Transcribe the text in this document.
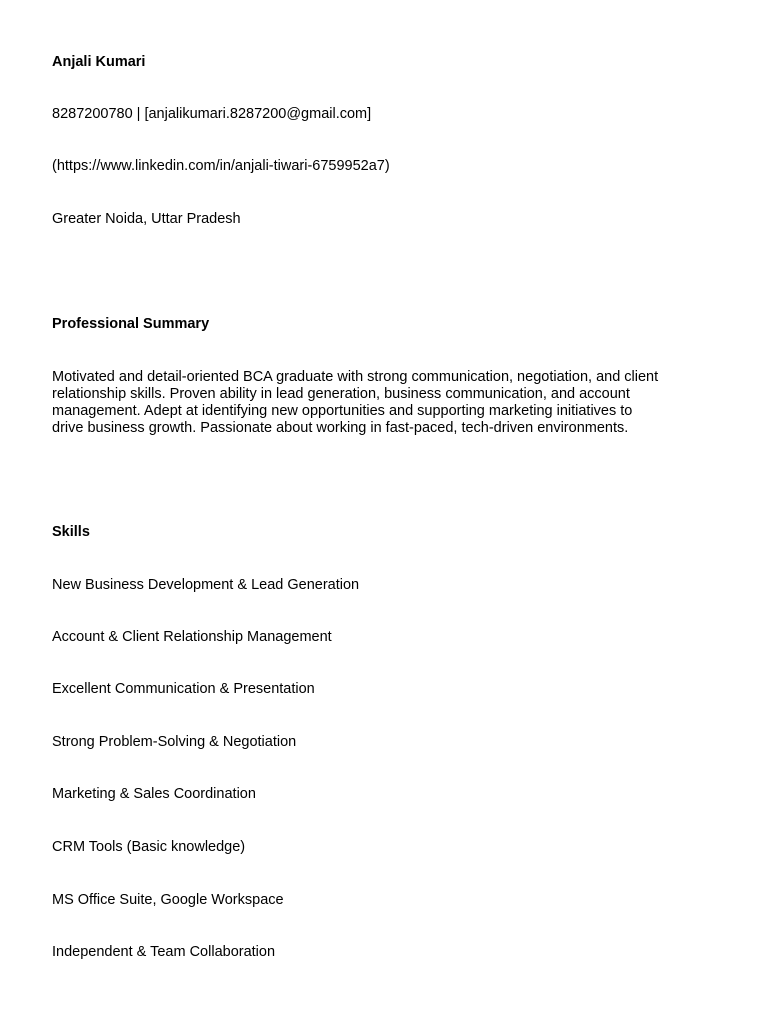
Anjali Kumari
8287200780 | [anjalikumari.8287200@gmail.com]
(https://www.linkedin.com/in/anjali-tiwari-6759952a7)
Greater Noida, Uttar Pradesh
Professional Summary
Motivated and detail-oriented BCA graduate with strong communication, negotiation, and client
relationship skills. Proven ability in lead generation, business communication, and account
management. Adept at identifying new opportunities and supporting marketing initiatives to
drive business growth. Passionate about working in fast-paced, tech-driven environments.
Skills
New Business Development & Lead Generation
Account & Client Relationship Management
Excellent Communication & Presentation
Strong Problem-Solving & Negotiation
Marketing & Sales Coordination
CRM Tools (Basic knowledge)
MS Office Suite, Google Workspace
Independent & Team Collaboration
